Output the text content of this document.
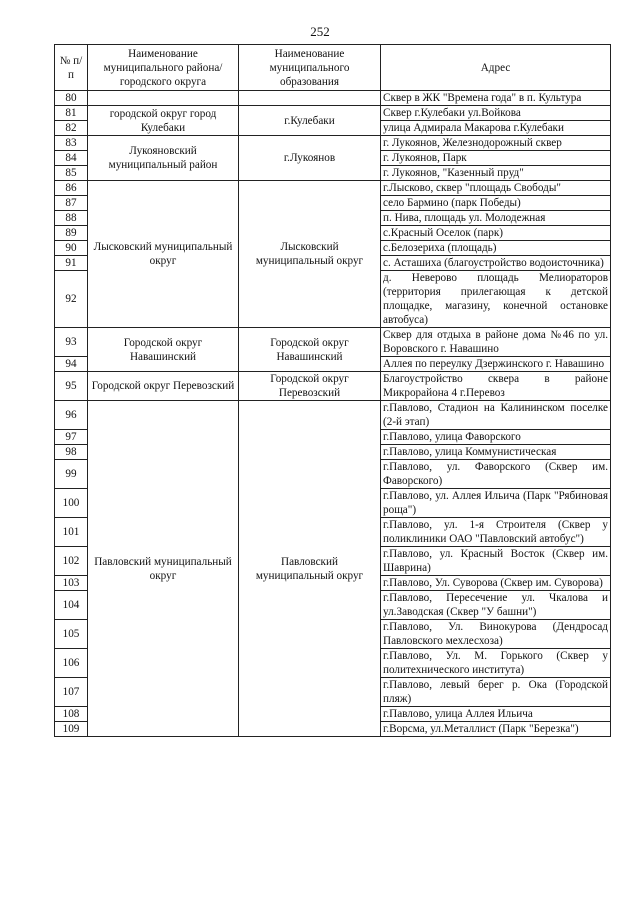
252
№ п/п	Наименование муниципального района/ городского округа	Наименование муниципального образования	Адрес
80			Сквер в ЖК "Времена года" в п. Культура
81	городской округ город Кулебаки	г.Кулебаки	Сквер г.Кулебаки ул.Войкова
82			улица Адмирала Макарова г.Кулебаки
83	Лукояновский муниципальный район	г.Лукоянов	г. Лукоянов, Железнодорожный сквер
84			г. Лукоянов, Парк
85			г. Лукоянов, "Казенный пруд"
86	Лысковский муниципальный округ	Лысковский муниципальный округ	г.Лысково, сквер "площадь Свободы"
87			село Бармино (парк Победы)
88			п. Нива, площадь ул. Молодежная
89			с.Красный Оселок (парк)
90			с.Белозериха (площадь)
91			с. Асташиха (благоустройство водоисточника)
92			д. Неверово площадь Мелиораторов (территория прилегающая к детской площадке, магазину, конечной остановке автобуса)
93	Городской округ Навашинский	Городской округ Навашинский	Сквер для отдыха в районе дома №46 по ул. Воровского г. Навашино
94			Аллея по переулку Дзержинского г. Навашино
95	Городской округ Перевозский	Городской округ Перевозский	Благоустройство сквера в районе Микрорайона 4 г.Перевоз
96	Павловский муниципальный округ	Павловский муниципальный округ	г.Павлово, Стадион на Калининском поселке (2-й этап)
97			г.Павлово, улица Фаворского
98			г.Павлово, улица Коммунистическая
99			г.Павлово, ул. Фаворского (Сквер им. Фаворского)
100			г.Павлово, ул. Аллея Ильича (Парк "Рябиновая роща")
101			г.Павлово, ул. 1-я Строителя (Сквер у поликлиники ОАО "Павловский автобус")
102			г.Павлово, ул. Красный Восток (Сквер им. Шаврина)
103			г.Павлово, Ул. Суворова (Сквер им. Суворова)
104			г.Павлово, Пересечение ул. Чкалова и ул.Заводская (Сквер "У башни")
105			г.Павлово, Ул. Винокурова (Дендросад Павловского мехлесхоза)
106			г.Павлово, Ул. М. Горького (Сквер у политехнического института)
107			г.Павлово, левый берег р. Ока (Городской пляж)
108			г.Павлово, улица Аллея Ильича
109			г.Ворсма, ул.Металлист (Парк "Березка")
